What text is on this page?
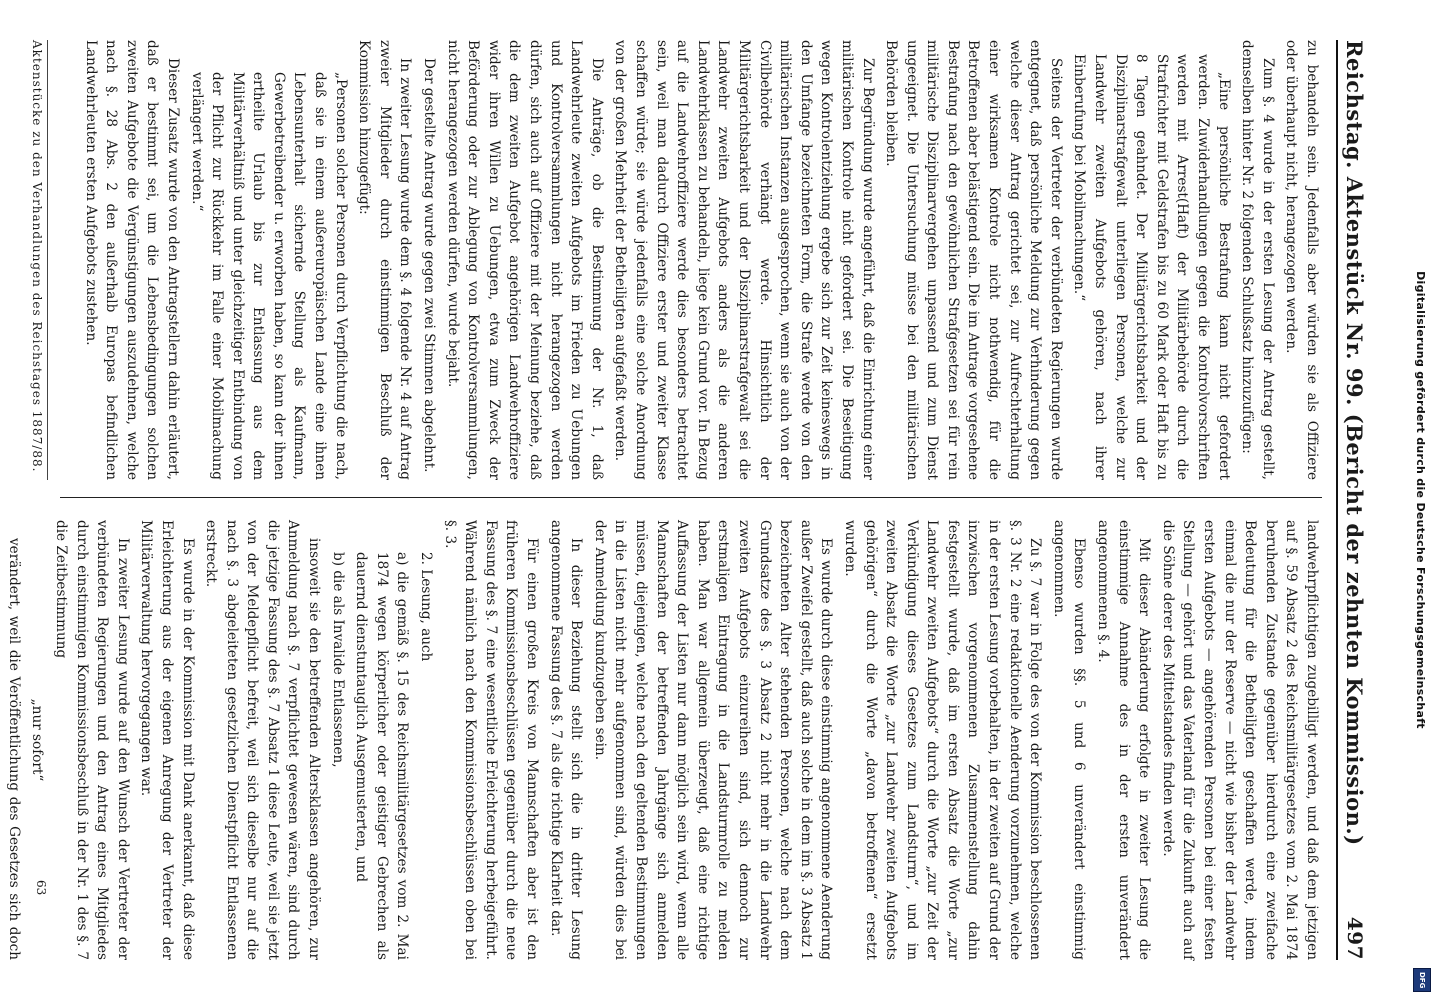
Reichstag. Aktenstück Nr. 99. (Bericht der zehnten Kommission.)
497

zu behandeln sein. Jedenfalls aber würden sie als Offiziere oder überhaupt nicht, herangezogen werden.

Zum §. 4 wurde in der ersten Lesung der Antrag gestellt, demselben hinter Nr. 2 folgenden Schlußsatz hinzuzufügen:

„Eine persönliche Bestrafung kann nicht gefordert werden. Zuwiderhandlungen gegen die Kontrolvorschriften werden mit Arrest(Haft) der Militärbehörde durch die Strafrichter mit Geldstrafen bis zu 60 Mark oder Haft bis zu 8 Tagen geahndet. Der Militärgerichtsbarkeit und der Disziplinarstrafgewalt unterliegen Personen, welche zur Landwehr zweiten Aufgebots gehören, nach ihrer Einberufung bei Mobilmachungen.“

Seitens der Vertreter der verbündeten Regierungen wurde entgegnet, daß persönliche Meldung zur Verhinderung gegen welche dieser Antrag gerichtet sei, zur Aufrechterhaltung einer wirksamen Kontrole nicht nothwendig, für die Betroffenen aber belästigend sein. Die im Antrage vorgesehene Bestrafung nach den gewöhnlichen Strafgesetzen sei für rein militärische Disziplinarvergehen unpassend und zum Dienst ungeeignet. Die Untersuchung müsse bei den militärischen Behörden bleiben.

Zur Begründung wurde angeführt, daß die Einrichtung einer militärischen Kontrole nicht gefordert sei. Die Beseitigung wegen Kontrolentziehung ergebe sich zur Zeit keineswegs in den Umfange bezeichneten Form, die Strafe werde von den militärischen Instanzen ausgesprochen, wenn sie auch von der Civilbehörde verhängt werde. Hinsichtlich der Militärgerichtsbarkeit und der Disziplinarstrafgewalt sei die Landwehr zweiten Aufgebots anders als die anderen Landwehrklassen zu behandeln, liege kein Grund vor. In Bezug auf die Landwehroffiziere werde dies besonders betrachtet sein, weil man dadurch Offiziere erster und zweiter Klasse schaffen würde; sie würde jedenfalls eine solche Anordnung von der großen Mehrheit der Betheiligten aufgefaßt werden.

Die Anträge, ob die Bestimmung der Nr. 1, daß Landwehrleute zweiten Aufgebots im Frieden zu Uebungen und Kontrolversammlungen nicht herangezogen werden dürfen, sich auch auf Offiziere mit der Meinung beziehe, daß die dem zweiten Aufgebot angehörigen Landwehroffiziere wider ihren Willen zu Uebungen, etwa zum Zweck der Beförderung oder zur Ablegung von Kontrolversammlungen, nicht herangezogen werden dürfen, wurde bejaht.

Der gestellte Antrag wurde gegen zwei Stimmen abgelehnt.

In zweiter Lesung wurde dem §. 4 folgende Nr. 4 auf Antrag zweier Mitglieder durch einstimmigen Beschluß der Kommission hinzugefügt:

„Personen solcher Personen durch Verpflichtung die nach, daß sie in einem außereuropäischen Lande eine ihnen Lebensunterhalt sichernde Stellung als Kaufmann, Gewerbetreibender u. erworben haben, so kann der ihnen ertheilte Urlaub bis zur Entlassung aus dem Militärverhältniß und unter gleichzeitiger Entbindung von der Pflicht zur Rückkehr im Falle einer Mobilmachung verlängert werden.“

Dieser Zusatz wurde von den Antragstellern dahin erläutert, daß er bestimmt sei, um die Lebensbedingungen solchen zweiten Aufgebote die Vergünstigungen auszudehnen, welche nach §. 28 Abs. 2 den außerhalb Europas befindlichen Landwehrleuten ersten Aufgebots zustehen.

landwehrpflichtigen zugebilligt werden, und daß dem jetzigen auf §. 59 Absatz 2 des Reichsmilitärgesetzes vom 2. Mai 1874 beruhenden Zustande gegenüber hierdurch eine zweifache Bedeutung für die Betheiligten geschaffen werde, indem einmal die nur der Reserve — nicht wie bisher der Landwehr ersten Aufgebots — angehörenden Personen bei einer festen Stellung — gehört und das Vaterland für die Zukunft auch auf die Söhne derer des Mittelstandes finden werde.

Mit dieser Abänderung erfolgte in zweiter Lesung die einstimmige Annahme des in der ersten unverändert angenommenen §. 4.

Ebenso wurden §§. 5 und 6 unverändert einstimmig angenommen.

Zu §. 7 war in Folge des von der Kommission beschlossenen §. 3 Nr. 2 eine redaktionelle Aenderung vorzunehmen, welche in der ersten Lesung vorbehalten, in der zweiten auf Grund der inzwischen vorgenommenen Zusammenstellung dahin festgestellt wurde, daß im ersten Absatz die Worte „zur Landwehr zweiten Aufgebots“ durch die Worte „zur Zeit der Verkündigung dieses Gesetzes zum Landsturm“, und im zweiten Absatz die Worte „zur Landwehr zweiten Aufgebots gehörigen“ durch die Worte „davon betroffenen“ ersetzt wurden.

Es wurde durch diese einstimmig angenommene Aenderung außer Zweifel gestellt, daß auch solche in dem im §. 3 Absatz 1 bezeichneten Alter stehenden Personen, welche nach dem Grundsatze des §. 3 Absatz 2 nicht mehr in die Landwehr zweiten Aufgebots einzureihen sind, sich dennoch zur erstmaligen Eintragung in die Landsturmrolle zu melden haben. Man war allgemein überzeugt, daß eine richtige Auffassung der Listen nur dann möglich sein wird, wenn alle Mannschaften der betreffenden Jahrgänge sich anmelden müssen, diejenigen, welche nach den geltenden Bestimmungen in die Listen nicht mehr aufgenommen sind, würden dies bei der Anmeldung kundzugeben sein.

In dieser Beziehung stellt sich die in dritter Lesung angenommene Fassung des §. 7 als die richtige Klarheit dar.

Für einen großen Kreis von Mannschaften aber ist den früheren Kommissionsbeschlüssen gegenüber durch die neue Fassung des §. 7 eine wesentliche Erleichterung herbeigeführt. Während nämlich nach den Kommissionsbeschlüssen oben bei §. 3.

2. Lesung, auch

a) die gemäß §. 15 des Reichsmilitärgesetzes vom 2. Mai 1874 wegen körperlicher oder geistiger Gebrechen als dauernd dienstuntauglich Ausgemusterten, und

b) die als Invalide Entlassenen,

insoweit sie den betreffenden Altersklassen angehören, zur Anmeldung nach §. 7 verpflichtet gewesen wären, sind durch die jetzige Fassung des §. 7 Absatz 1 diese Leute, weil sie jetzt von der Meldepflicht befreit, weil sich dieselbe nur auf die nach §. 3 abgeleiteten gesetzlichen Dienstpflicht Entlassenen erstreckt.

Es wurde in der Kommission mit Dank anerkannt, daß diese Erleichterung aus der eigenen Anregung der Vertreter der Militärverwaltung hervorgegangen war.

In zweiter Lesung wurde auf den Wunsch der Vertreter der verbündeten Regierungen und den Antrag eines Mitgliedes durch einstimmigen Kommissionsbeschluß in der Nr. 1 des §. 7 die Zeitbestimmung

„nur sofort“

verändert, weil die Veröffentlichung des Gesetzes sich doch

Aktenstücke zu den Verhandlungen des Reichstages 1887/88.
63
Digitalisierung gefördert durch die Deutsche Forschungsgemeinschaft
DFG
